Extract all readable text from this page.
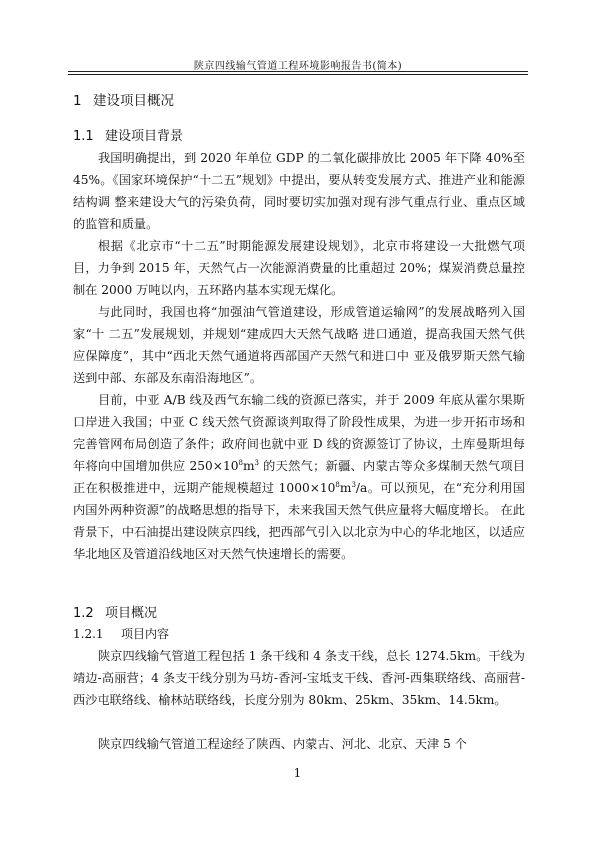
陕京四线输气管道工程环境影响报告书(简本)
1 建设项目概况
1.1 建设项目背景

我国明确提出，到 2020 年单位 GDP 的二氧化碳排放比 2005 年下降 40%至 45%。《国家环境保护“十二五”规划》中提出，要从转变发展方式、推进产业和能源结构调 整来建设大气的污染负荷，同时要切实加强对现有涉气重点行业、重点区域的监管和质量。

根据《北京市“十二五”时期能源发展建设规划》，北京市将建设一大批燃气项目，力争到 2015 年，天然气占一次能源消费量的比重超过 20%；煤炭消费总量控制在 2000 万吨以内，五环路内基本实现无煤化。

与此同时，我国也将“加强油气管道建设，形成管道运输网”的发展战略列入国家“十 二五”发展规划，并规划“建成四大天然气战略 进口通道，提高我国天然气供应保障度”，其中“西北天然气通道将西部国产天然气和进口中 亚及俄罗斯天然气输送到中部、东部及东南沿海地区”。

目前，中亚 A/B 线及西气东输二线的资源已落实，并于 2009 年底从霍尔果斯口岸进入我国；中亚 C 线天然气资源谈判取得了阶段性成果，为进一步开拓市场和完善管网布局创造了条件；政府间也就中亚 D 线的资源签订了协议，土库曼斯坦每年将向中国增加供应 $250\times 10^8m^3$ 的天然气；新疆、内蒙古等众多煤制天然气项目正在积极推进中，远期产能规模超过 $1000\times 10^8m^3/a$。可以预见，在“充分利用国内国外两种资源”的战略思想的指导下，未来我国天然气供应量将大幅度增长。 在此背景下，中石油提出建设陕京四线，把西部气引入以北京为中心的华北地区，以适应华北地区及管道沿线地区对天然气快速增长的需要。

1.2 项目概况
1.2.1 项目内容

陕京四线输气管道工程包括 1 条干线和 4 条支干线，总长 1274.5km。干线为靖边-高丽营；4 条支干线分别为马坊-香河-宝坻支干线、香河-西集联络线、高丽营-西沙屯联络线、榆林站联络线，长度分别为 80km、25km、35km、14.5km。

陕京四线输气管道工程途经了陕西、内蒙古、河北、北京、天津 5 个

1
